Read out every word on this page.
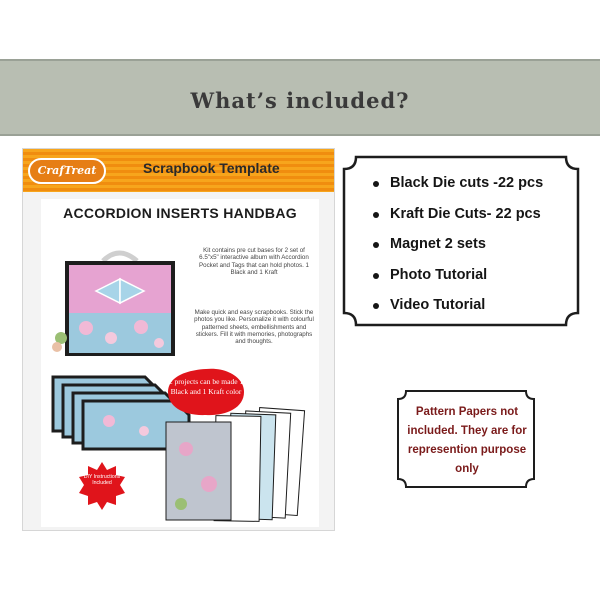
What’s included?
CrafTreat	Scrapbook Template
ACCORDION INSERTS HANDBAG
Kit contains pre cut bases for 2 set of 6.5"x5" interactive album with Accordion Pocket and Tags that can hold photos. 1 Black and 1 Kraft
Make quick and easy scrapbooks. Stick the photos you like. Personalize it with colourful patterned sheets, embellishments and stickers. Fill it with memories, photographs and thoughts.
2 projects can be made 1 Black and 1 Kraft color
DIY Instructions Included
Black Die cuts -22 pcs
Kraft Die Cuts- 22 pcs
Magnet 2 sets
Photo Tutorial
Video Tutorial
Pattern Papers not included. They are for represention purpose only
